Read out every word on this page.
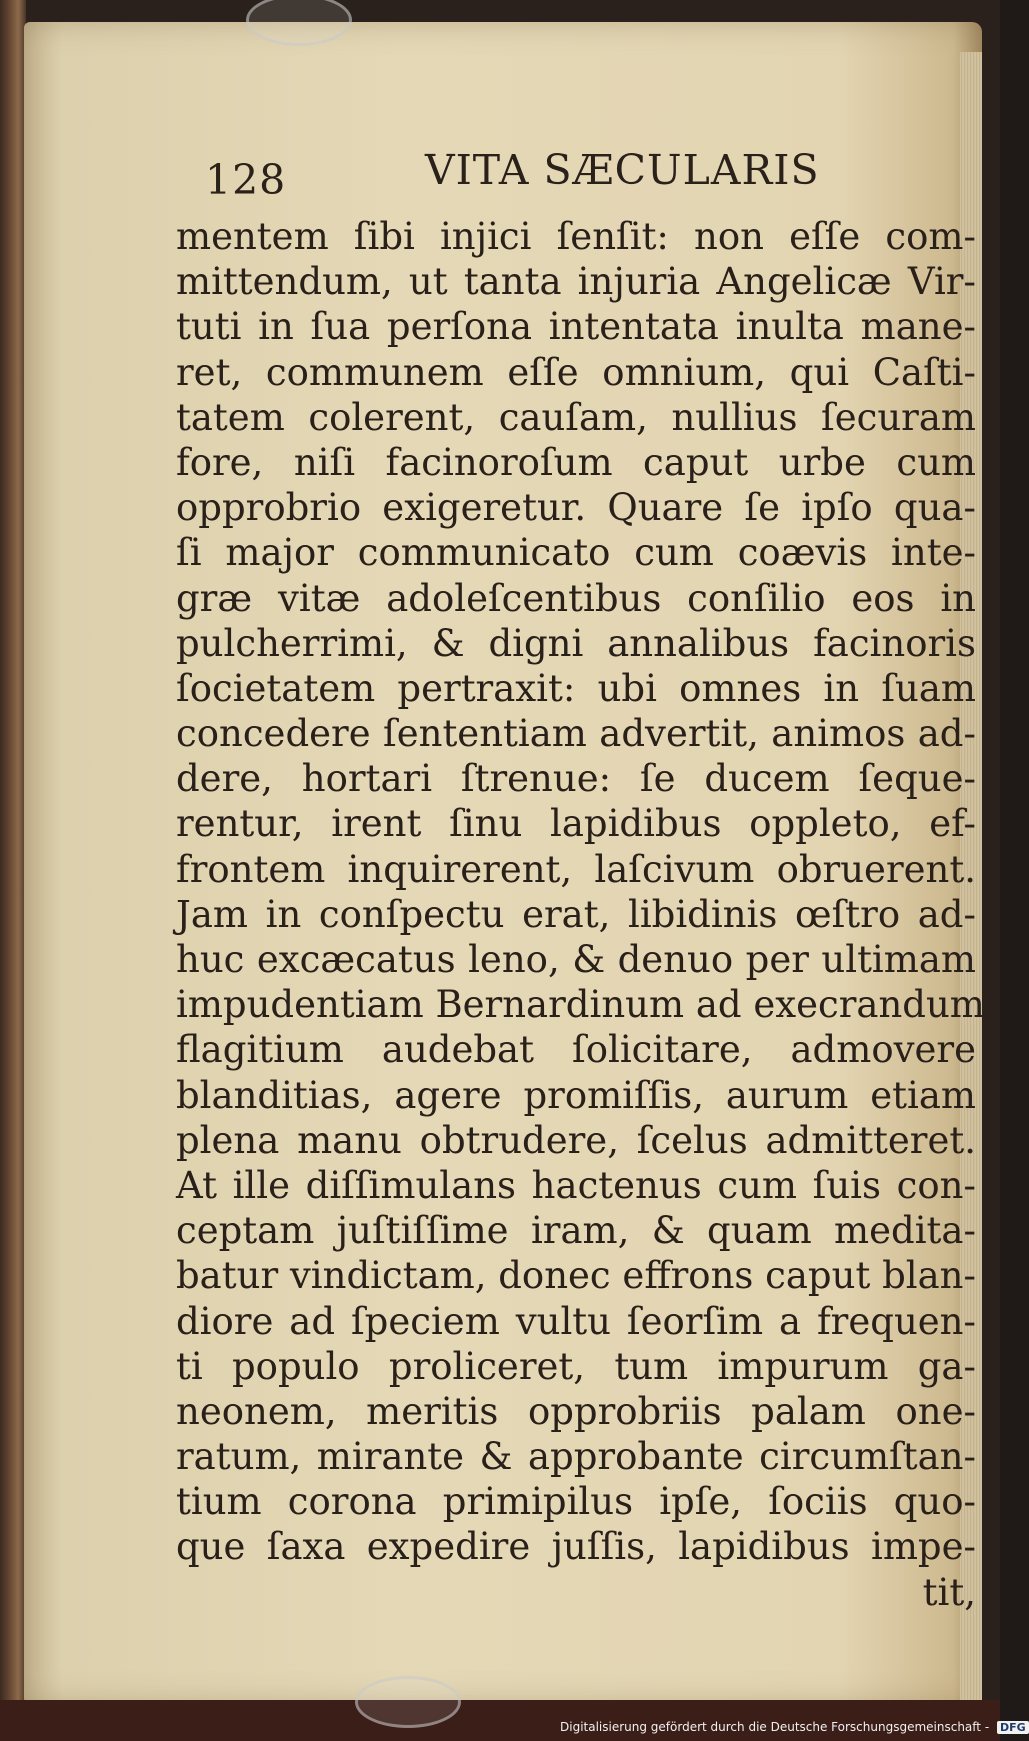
128	VITA SÆCULARIS
mentem ſibi injici ſenſit: non eſſe com-
mittendum, ut tanta injuria Angelicæ Vir-
tuti in ſua perſona intentata inulta mane-
ret, communem eſſe omnium, qui Caſti-
tatem colerent, cauſam, nullius ſecuram
fore, niſi facinoroſum caput urbe cum
opprobrio exigeretur. Quare ſe ipſo qua-
ſi major communicato cum coævis inte-
græ vitæ adoleſcentibus conſilio eos in
pulcherrimi, & digni annalibus facinoris
ſocietatem pertraxit: ubi omnes in ſuam
concedere ſententiam advertit, animos ad-
dere, hortari ſtrenue: ſe ducem ſeque-
rentur, irent ſinu lapidibus oppleto, ef-
frontem inquirerent, laſcivum obruerent.
Jam in conſpectu erat, libidinis œſtro ad-
huc excæcatus leno, & denuo per ultimam
impudentiam Bernardinum ad execrandum
flagitium audebat ſolicitare, admovere
blanditias, agere promiſſis, aurum etiam
plena manu obtrudere, ſcelus admitteret.
At ille diſſimulans hactenus cum ſuis con-
ceptam juſtiſſime iram, & quam medita-
batur vindictam, donec effrons caput blan-
diore ad ſpeciem vultu ſeorſim a frequen-
ti populo proliceret, tum impurum ga-
neonem, meritis opprobriis palam one-
ratum, mirante & approbante circumſtan-
tium corona primipilus ipſe, ſociis quo-
que ſaxa expedire juſſis, lapidibus impe-
tit,
Digitalisierung gefördert durch die Deutsche Forschungsgemeinschaft - DFG
